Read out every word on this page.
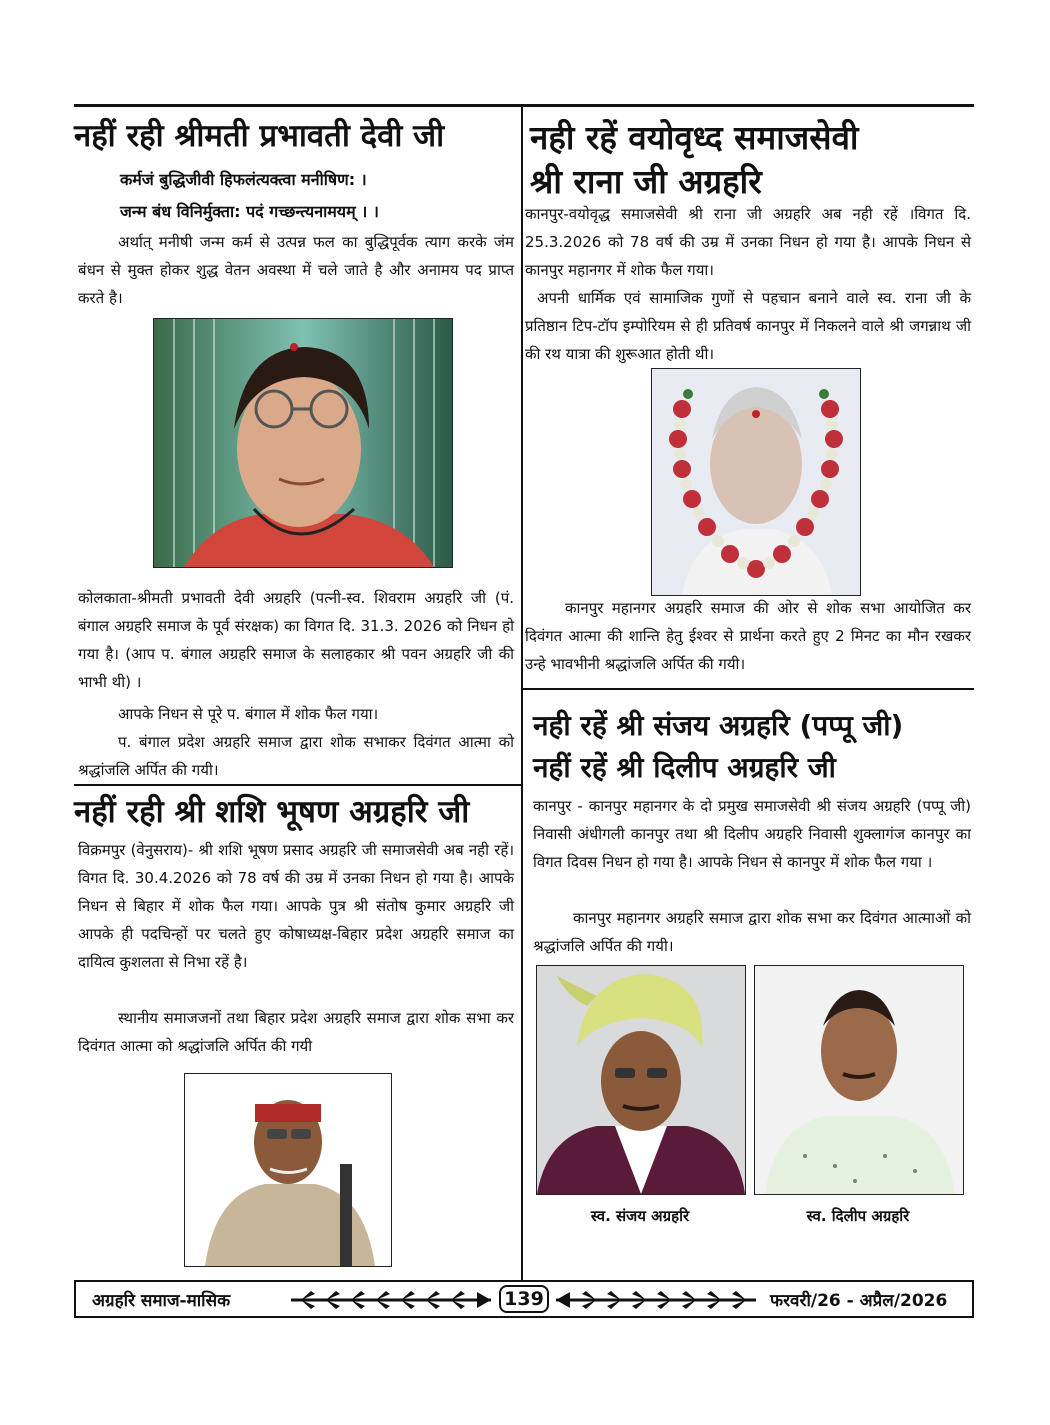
नहीं रही श्रीमती प्रभावती देवी जी

कर्मजं बुद्धिजीवी हिफलंत्यक्त्वा मनीषिण: ।

जन्म बंध विनिर्मुक्ता: पदं गच्छन्त्यनामयम् । ।

अर्थात् मनीषी जन्म कर्म से उत्पन्न फल का बुद्धिपूर्वक त्याग करके जंम बंधन से मुक्त होकर शुद्ध वेतन अवस्था में चले जाते है और अनामय पद प्राप्त करते है।

कोलकाता-श्रीमती प्रभावती देवी अग्रहरि (पत्नी-स्व. शिवराम अग्रहरि जी (पं. बंगाल अग्रहरि समाज के पूर्व संरक्षक) का विगत दि. 31.3. 2026 को निधन हो गया है। (आप प. बंगाल अग्रहरि समाज के सलाहकार श्री पवन अग्रहरि जी की भाभी थी) ।

आपके निधन से पूरे प. बंगाल में शोक फैल गया।

प. बंगाल प्रदेश अग्रहरि समाज द्वारा शोक सभाकर दिवंगत आत्मा को श्रद्धांजलि अर्पित की गयी।

नहीं रही श्री शशि भूषण अग्रहरि जी

विक्रमपुर (वेनुसराय)- श्री शशि भूषण प्रसाद अग्रहरि जी समाजसेवी अब नही रहें। विगत दि. 30.4.2026 को 78 वर्ष की उम्र में उनका निधन हो गया है। आपके निधन से बिहार में शोक फैल गया। आपके पुत्र श्री संतोष कुमार अग्रहरि जी आपके ही पदचिन्हों पर चलते हुए कोषाध्यक्ष-बिहार प्रदेश अग्रहरि समाज का दायित्व कुशलता से निभा रहें है।

स्थानीय समाजजनों तथा बिहार प्रदेश अग्रहरि समाज द्वारा शोक सभा कर दिवंगत आत्मा को श्रद्धांजलि अर्पित की गयी

नही रहें वयोवृध्द समाजसेवी
श्री राना जी अग्रहरि

कानपुर-वयोवृद्ध समाजसेवी श्री राना जी अग्रहरि अब नही रहें ।विगत दि. 25.3.2026 को 78 वर्ष की उम्र में उनका निधन हो गया है। आपके निधन से कानपुर महानगर में शोक फैल गया।

अपनी धार्मिक एवं सामाजिक गुणों से पहचान बनाने वाले स्व. राना जी के प्रतिष्ठान टिप-टॉप इम्पोरियम से ही प्रतिवर्ष कानपुर में निकलने वाले श्री जगन्नाथ जी की रथ यात्रा की शुरूआत होती थी।

कानपुर महानगर अग्रहरि समाज की ओर से शोक सभा आयोजित कर दिवंगत आत्मा की शान्ति हेतु ईश्वर से प्रार्थना करते हुए 2 मिनट का मौन रखकर उन्हे भावभीनी श्रद्धांजलि अर्पित की गयी।

नही रहें श्री संजय अग्रहरि (पप्पू जी)
नहीं रहें श्री दिलीप अग्रहरि जी

कानपुर - कानपुर महानगर के दो प्रमुख समाजसेवी श्री संजय अग्रहरि (पप्पू जी) निवासी अंधीगली कानपुर तथा श्री दिलीप अग्रहरि निवासी शुक्लागंज कानपुर का विगत दिवस निधन हो गया है। आपके निधन से कानपुर में शोक फैल गया ।

कानपुर महानगर अग्रहरि समाज द्वारा शोक सभा कर दिवंगत आत्माओं को श्रद्धांजलि अर्पित की गयी।

स्व. संजय अग्रहरि	स्व. दिलीप अग्रहरि
अग्रहरि समाज-मासिक	139	फरवरी/26 - अप्रैल/2026
